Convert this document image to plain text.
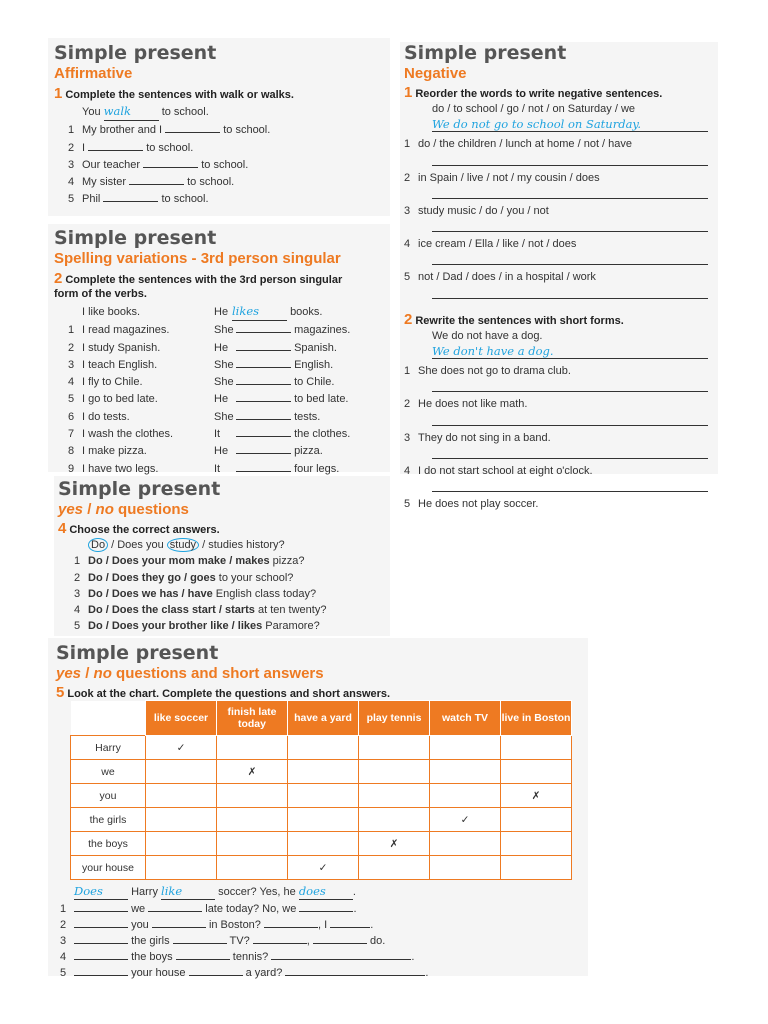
Simple present
Affirmative
1 Complete the sentences with walk or walks.
You walk	to school.
1 My brother and I	to school.
2 I	to school.
3 Our teacher	to school.
4 My sister	to school.
5 Phil	to school.
Simple present
Spelling variations - 3rd person singular
2 Complete the sentences with the 3rd person singular form of the verbs.
I like books.	He likes	books.
1 I read magazines.	She	magazines.
2 I study Spanish.	He	Spanish.
3 I teach English.	She	English.
4 I fly to Chile.	She	to Chile.
5 I go to bed late.	He	to bed late.
6 I do tests.	She	tests.
7 I wash the clothes.	It	the clothes.
8 I make pizza.	He	pizza.
9 I have two legs.	It	four legs.
Simple present
Negative
1 Reorder the words to write negative sentences.
do / to school / go / not / on Saturday / we
We do not go to school on Saturday.
1 do / the children / lunch at home / not / have
2 in Spain / live / not / my cousin / does
3 study music / do / you / not
4 ice cream / Ella / like / not / does
5 not / Dad / does / in a hospital / work
2 Rewrite the sentences with short forms.
We do not have a dog.
We don't have a dog.
1 She does not go to drama club.
2 He does not like math.
3 They do not sing in a band.
4 I do not start school at eight o'clock.
5 He does not play soccer.
Simple present
yes / no questions
4 Choose the correct answers.
Do / Does you study / studies history?
1 Do / Does your mom make / makes pizza?
2 Do / Does they go / goes to your school?
3 Do / Does we has / have English class today?
4 Do / Does the class start / starts at ten twenty?
5 Do / Does your brother like / likes Paramore?
Simple present
yes / no questions and short answers
5 Look at the chart. Complete the questions and short answers.
	like soccer	finish late today	have a yard	play tennis	watch TV	live in Boston
Harry	✓					
we		✗				
you						✗
the girls					✓	
the boys				✗		
your house			✓			
Does	Harry like	soccer? Yes, he does .
1	we	late today? No, we	.
2	you	in Boston?	, I	.
3	the girls	TV?	,	do.
4	the boys	tennis?	.
5	your house	a yard?	.
